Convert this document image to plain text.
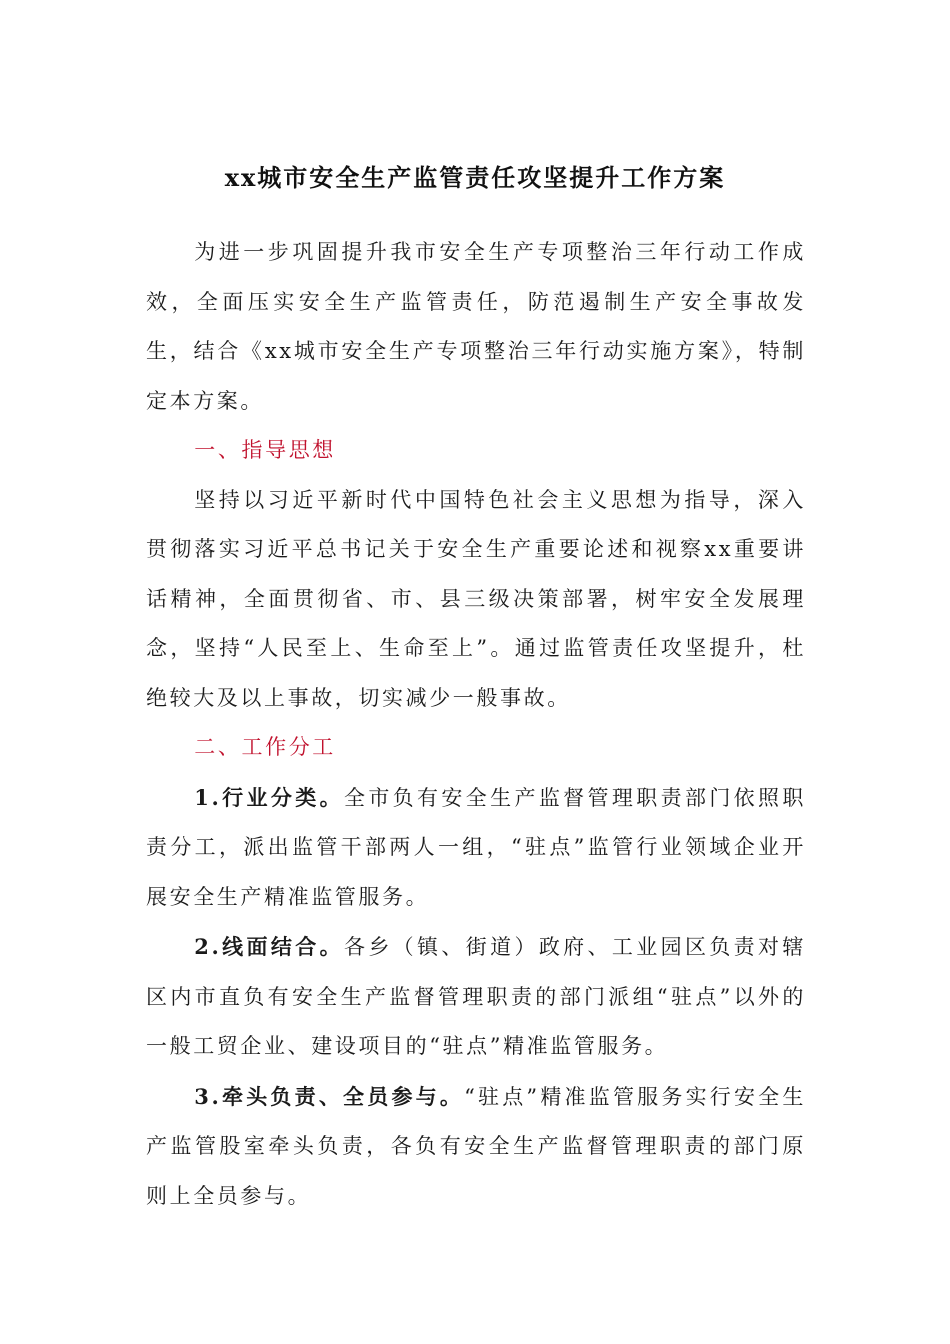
xx城市安全生产监管责任攻坚提升工作方案

为进一步巩固提升我市安全生产专项整治三年行动工作成效，全面压实安全生产监管责任，防范遏制生产安全事故发生，结合《xx城市安全生产专项整治三年行动实施方案》，特制定本方案。

一、指导思想

坚持以习近平新时代中国特色社会主义思想为指导，深入贯彻落实习近平总书记关于安全生产重要论述和视察xx重要讲话精神，全面贯彻省、市、县三级决策部署，树牢安全发展理念，坚持“人民至上、生命至上”。通过监管责任攻坚提升，杜绝较大及以上事故，切实减少一般事故。

二、工作分工

1.行业分类。全市负有安全生产监督管理职责部门依照职责分工，派出监管干部两人一组，“驻点”监管行业领域企业开展安全生产精准监管服务。

2.线面结合。各乡（镇、街道）政府、工业园区负责对辖区内市直负有安全生产监督管理职责的部门派组“驻点”以外的一般工贸企业、建设项目的“驻点”精准监管服务。

3.牵头负责、全员参与。“驻点”精准监管服务实行安全生产监管股室牵头负责，各负有安全生产监督管理职责的部门原则上全员参与。
